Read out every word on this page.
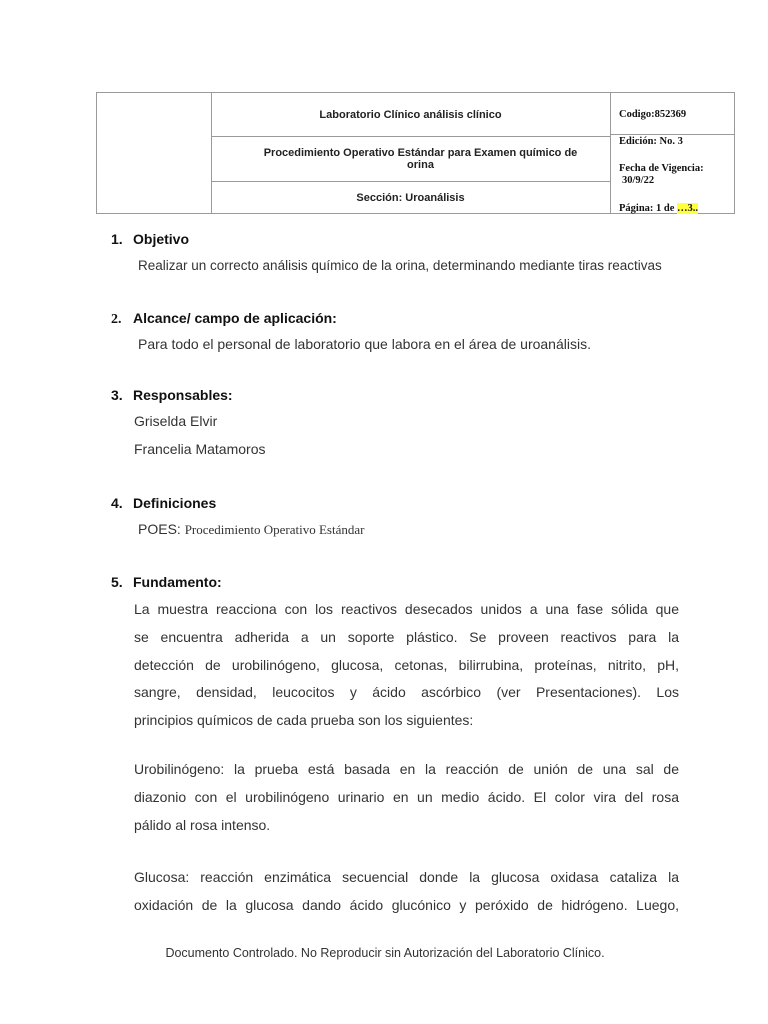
Laboratorio Clínico análisis clínico
Procedimiento Operativo Estándar para Examen químico de
orina
Sección: Uroanálisis
Codigo:852369
Edición: No. 3
Fecha de Vigencia:
30/9/22
Página: 1 de …3..
1. Objetivo
Realizar un correcto análisis químico de la orina, determinando mediante tiras reactivas
2. Alcance/ campo de aplicación:
Para todo el personal de laboratorio que labora en el área de uroanálisis.
3. Responsables:
Griselda Elvir
Francelia Matamoros
4. Definiciones
POES: Procedimiento Operativo Estándar
5. Fundamento:
La muestra reacciona con los reactivos desecados unidos a una fase sólida que
se encuentra adherida a un soporte plástico. Se proveen reactivos para la
detección de urobilinógeno, glucosa, cetonas, bilirrubina, proteínas, nitrito, pH,
sangre, densidad, leucocitos y ácido ascórbico (ver Presentaciones). Los
principios químicos de cada prueba son los siguientes:
Urobilinógeno: la prueba está basada en la reacción de unión de una sal de
diazonio con el urobilinógeno urinario en un medio ácido. El color vira del rosa
pálido al rosa intenso.
Glucosa: reacción enzimática secuencial donde la glucosa oxidasa cataliza la
oxidación de la glucosa dando ácido glucónico y peróxido de hidrógeno. Luego,
Documento Controlado. No Reproducir sin Autorización del Laboratorio Clínico.
